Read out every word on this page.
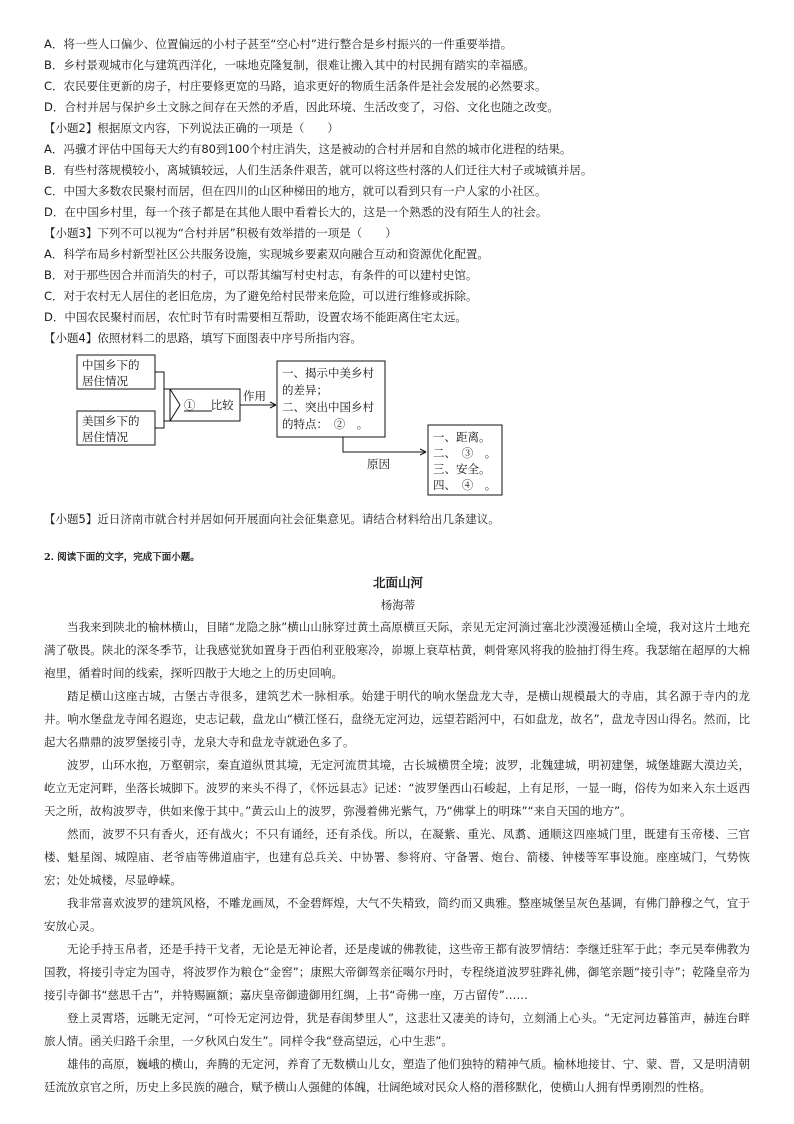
A．将一些人口偏少、位置偏远的小村子甚至“空心村”进行整合是乡村振兴的一件重要举措。
B．乡村景观城市化与建筑西洋化，一味地克隆复制，很难让搬入其中的村民拥有踏实的幸福感。
C．农民要住更新的房子，村庄要修更宽的马路，追求更好的物质生活条件是社会发展的必然要求。
D．合村并居与保护乡土文脉之间存在天然的矛盾，因此环境、生活改变了，习俗、文化也随之改变。
【小题2】根据原文内容，下列说法正确的一项是（　　）
A．冯骥才评估中国每天大约有80到100个村庄消失，这是被动的合村并居和自然的城市化进程的结果。
B．有些村落规模较小，离城镇较远，人们生活条件艰苦，就可以将这些村落的人们迁往大村子或城镇并居。
C．中国大多数农民聚村而居，但在四川的山区种梯田的地方，就可以看到只有一户人家的小社区。
D．在中国乡村里，每一个孩子都是在其他人眼中看着长大的，这是一个熟悉的没有陌生人的社会。
【小题3】下列不可以视为“合村并居”积极有效举措的一项是（　　）
A．科学布局乡村新型社区公共服务设施，实现城乡要素双向融合互动和资源优化配置。
B．对于那些因合并而消失的村子，可以帮其编写村史村志，有条件的可以建村史馆。
C．对于农村无人居住的老旧危房，为了避免给村民带来危险，可以进行维修或拆除。
D．中国农民聚村而居，农忙时节有时需要相互帮助，设置农场不能距离住宅太远。
【小题4】依照材料二的思路，填写下面图表中序号所指内容。
中国乡下的
居住情况
美国乡下的
居住情况
① 　比较
作用
一、揭示中美乡村
的差异；
二、突出中国乡村
的特点：　②　。
原因
一、距离。
二、　③　。
三、安全。
四、　④　。
【小题5】近日济南市就合村并居如何开展面向社会征集意见。请结合材料给出几条建议。
2. 阅读下面的文字，完成下面小题。
北面山河
杨海蒂

当我来到陕北的榆林横山，目睹“龙隐之脉”横山山脉穿过黄土高原横亘天际，亲见无定河淌过塞北沙漠漫延横山全境，我对这片土地充满了敬畏。陕北的深冬季节，让我感觉犹如置身于西伯利亚般寒冷，峁塬上衰草枯黄，刺骨寒风将我的脸抽打得生疼。我瑟缩在超厚的大棉袍里，循着时间的线索，探听四散于大地之上的历史回响。

踏足横山这座古城，古堡古寺很多，建筑艺术一脉相承。始建于明代的响水堡盘龙大寺，是横山规模最大的寺庙，其名源于寺内的龙井。响水堡盘龙寺闻名遐迩，史志记载，盘龙山“横江怪石，盘绕无定河边，远望若蹈河中，石如盘龙，故名”，盘龙寺因山得名。然而，比起大名鼎鼎的波罗堡接引寺，龙泉大寺和盘龙寺就逊色多了。

波罗，山环水抱，万壑朝宗，秦直道纵贯其境，无定河流贯其境，古长城横贯全境；波罗，北魏建城，明初建堡，城堡雄踞大漠边关，屹立无定河畔，坐落长城脚下。波罗的来头不得了，《怀远县志》记述：“波罗堡西山石峻起，上有足形，一显一晦，俗传为如来入东土返西天之所，故构波罗寺，供如来像于其中。”黄云山上的波罗，弥漫着佛光紫气，乃“佛掌上的明珠”“来自天国的地方”。

然而，波罗不只有香火，还有战火；不只有诵经，还有杀伐。所以，在凝紫、重光、凤翥、通顺这四座城门里，既建有玉帝楼、三官楼、魁星阁、城隍庙、老爷庙等佛道庙宇，也建有总兵关、中协署、参将府、守备署、炮台、箭楼、钟楼等军事设施。座座城门，气势恢宏；处处城楼，尽显峥嵘。

我非常喜欢波罗的建筑风格，不雕龙画凤，不金碧辉煌，大气不失精致，简约而又典雅。整座城堡呈灰色基调，有佛门静穆之气，宜于安放心灵。

无论手持玉帛者，还是手持干戈者，无论是无神论者，还是虔诚的佛教徒，这些帝王都有波罗情结：李继迁驻军于此；李元昊奉佛教为国教，将接引寺定为国寺，将波罗作为粮仓“金窖”；康熙大帝御驾亲征噶尔丹时，专程绕道波罗驻跸礼佛，御笔亲题“接引寺”；乾隆皇帝为接引寺御书“慈思千古”，并特赐匾额；嘉庆皇帝御遗御用红绸，上书“奇佛一座，万古留传”……

登上灵霄塔，远眺无定河，“可怜无定河边骨，犹是春闺梦里人”，这悲壮又凄美的诗句，立刻涌上心头。“无定河边暮笛声，赫连台畔旅人情。函关归路千余里，一夕秋风白发生”。同样令我“登高望远，心中生悲”。

雄伟的高原，巍峨的横山，奔腾的无定河，养育了无数横山儿女，塑造了他们独特的精神气质。榆林地接甘、宁、蒙、晋，又是明清朝廷流放京官之所，历史上多民族的融合，赋予横山人强健的体魄，壮阔绝域对民众人格的潜移默化，使横山人拥有悍勇刚烈的性格。
